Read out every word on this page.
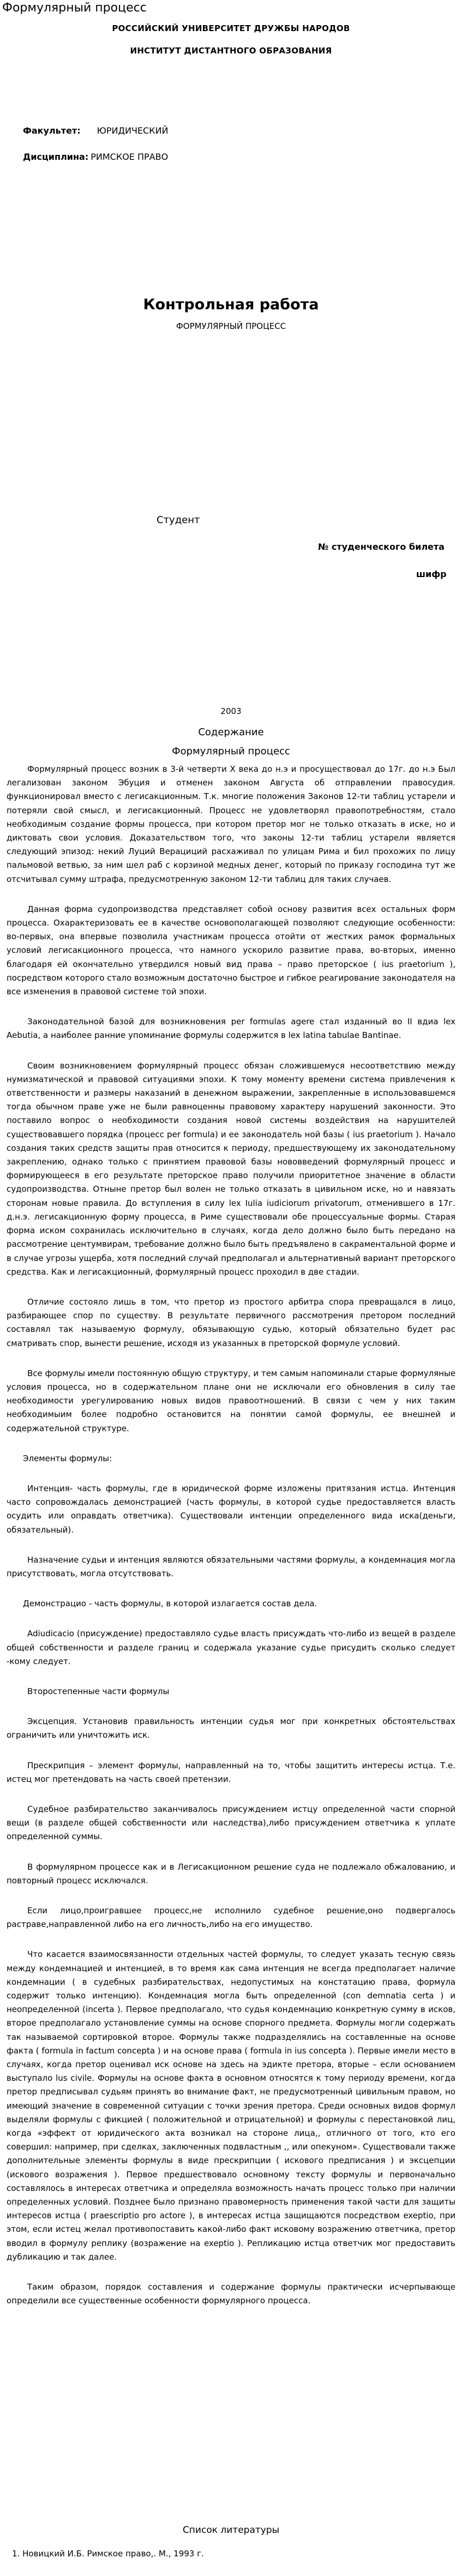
Формулярный процесс
РОССИЙСКИЙ УНИВЕРСИТЕТ ДРУЖБЫ НАРОДОВ
ИНСТИТУТ ДИСТАНТНОГО ОБРАЗОВАНИЯ
Факультет: ЮРИДИЧЕСКИЙ
Дисциплина: РИМСКОЕ ПРАВО
Контрольная работа
ФОРМУЛЯРНЫЙ ПРОЦЕСС
Студент
№ студенческого билета
шифр
2003
Содержание
Формулярный процесс

Формулярный процесс возник в 3-й четверти Х века до н.э и просуществовал до 17г. до н.э Был легализован законом Эбуция и отменен законом Августа об отправлении правосудия. функционировал вместо с легисакционным. Т.к. многие положения Законов 12-ти таблиц устарели и потеряли свой смысл, и легисакционный. Процесс не удовлетворял правопотребностям, стало необходимым создание формы процесса, при котором претор мог не только отказать в иске, но и диктовать свои условия. Доказательством того, что законы 12-ти таблиц устарели является следующий эпизод: некий Луций Верациций расхаживал по улицам Рима и бил прохожих по лицу пальмовой ветвью, за ним шел раб с корзиной медных денег, который по приказу господина тут же отсчитывал сумму штрафа, предусмотренную законом 12-ти таблиц для таких случаев.

Данная форма судопроизводства представляет собой основу развития всех остальных форм процесса. Охарактеризовать ее в качестве основополагающей позволяют следующие особенности: во-первых, она впервые позволила участникам процесса отойти от жестких рамок формальных условий легисакционного процесса, что намного ускорило развитие права, во-вторых, именно благодаря ей окончательно утвердился новый вид права – право преторское ( ius praetorium ), посредством которого стало возможным достаточно быстрое и гибкое реагирование законодателя на все изменения в правовой системе той эпохи.

Законодательной базой для возникновения per formulas agere стал изданный во II вдиа lex Aebutia, а наиболее ранние упоминание формулы содержится в lex latina tabulae Bantinae.

Своим возникновением формулярный процесс обязан сложившемуся несоответствию между нумизматической и правовой ситуациями эпохи. К тому моменту времени система привлечения к ответственности и размеры наказаний в денежном выражении, закрепленные в использовавшемся тогда обычном праве уже не были равноценны правовому характеру нарушений законности. Это поставило вопрос о необходимости создания новой системы воздействия на нарушителей существовавшего порядка (процесс per formula) и ее законодатель ной базы ( ius praetorium ). Начало создания таких средств защиты прав относится к периоду, предшествующему их законодательному закреплению, однако только с принятием правовой базы нововведений формулярный процесс и формирующееся в его результате преторское право получили приоритетное значение в области судопроизводства. Отныне претор был волен не только отказать в цивильном иске, но и навязать сторонам новые правила. До вступления в силу lex Iulia iudiciorum privatorum, отменившего в 17г. д.н.э. легисакционную форму процесса, в Риме существовали обе процессуальные формы. Старая форма иском сохранилась исключительно в случаях, когда дело должно было быть передано на рассмотрение центумвирам, требование должно было быть предъявлено в сакраментальной форме и в случае угрозы ущерба, хотя последний случай предполагал и альтернативный вариант преторского средства. Как и легисакционный, формулярный процесс проходил в две стадии.

Отличие состояло лишь в том, что претор из простого арбитра спора превращался в лицо, разбирающее спор по существу. В результате первичного рассмотрения претором последний составлял так называемую формулу, обязывающую судью, который обязательно будет рас сматривать спор, вынести решение, исходя из указанных в преторской формуле условий.

Все формулы имели постоянную общую структуру, и тем самым напоминали старые формуляные условия процесса, но в содержательном плане они не исключали его обновления в силу тае необходимости урегулированию новых видов правоотношений. В связи с чем у них таким необходимыим более подробно остановится на понятии самой формулы, ее внешней и содержательной структуре.

Элементы формулы:

Интенция- часть формулы, где в юридической форме изложены притязания истца. Интенция часто сопровождалась демонстрацией (часть формулы, в которой судье предоставляется власть осудить или оправдать ответчика). Существовали интенции определенного вида иска(деньги, обязательный).

Назначение судьи и интенция являются обязательными частями формулы, а кондемнация могла присутствовать, могла отсутствовать.

Демонстрацио - часть формулы, в которой излагается состав дела.

Adiudicacio (присуждение) предоставляло судье власть присуждать что-либо из вещей в разделе общей собственности и разделе границ и содержала указание судье присудить сколько следует -кому следует.

Второстепенные части формулы

Эксцепция. Установив правильность интенции судья мог при конкретных обстоятельствах ограничить или уничтожить иск.

Прескрипция – элемент формулы, направленный на то, чтобы защитить интересы истца. Т.е. истец мог претендовать на часть своей претензии.

Судебное разбирательство заканчивалось присуждением истцу определенной части спорной вещи (в разделе общей собственности или наследства),либо присуждением ответчика к уплате определенной суммы.

В формулярном процессе как и в Легисакционном решение суда не подлежало обжалованию, и повторный процесс исключался.

Если лицо,проигравшее процесс,не исполнило судебное решение,оно подвергалось растраве,направленной либо на его личность,либо на его имущество.

Что касается взаимосвязанности отдельных частей формулы, то следует указать тесную связь между кондемнацией и интенцией, в то время как сама интенция не всегда предполагает наличие кондемнации ( в судебных разбирательствах, недопустимых на констатацию права, формула содержит только интенцию). Кондемнация могла быть определенной (con demnatia certa ) и неопределенной (incerta ). Первое предполагало, что судья кондемнацию конкретную сумму в исков, второе предполагало установление суммы на основе спорного предмета. Формулы могли содержать так называемой сортировкой второе. Формулы также подразделялись на составленные на основе факта ( formula in factum concepta ) и на основе права ( formula in ius concepta ). Первые имели место в случаях, когда претор оценивал иск основе на здесь на эдикте претора, вторые – если основанием выступало lus civile. Формулы на основе факта в основном относятся к тому периоду времени, когда претор предписывал судьям принять во внимание факт, не предусмотренный цивильным правом, но имеющий значение в современной ситуации с точки зрения претора. Среди основных видов формул выделяли формулы с фикцией ( положительной и отрицательной) и формулы с перестановкой лиц, когда «эффект от юридического акта возникал на стороне лица,, отличного от того, кто его совершил: например, при сделках, заключенных подвластным ,, или опекуном». Существовали также дополнительные элементы формулы в виде прескрипции ( искового предписания ) и эксцепции (искового возражения ). Первое предшествовало основному тексту формулы и первоначально составлялось в интересах ответчика и определяла возможность начать процесс только при наличии определенных условий. Позднее было признано правомерность применения такой части для защиты интересов истца ( praescriptio pro actore ), в интересах истца защищаются посредством exeptio, при этом, если истец желал противопоставить какой-либо факт исковому возражению ответчика, претор вводил в формулу реплику (возражение на exeptio ). Репликацию истца ответчик мог предоставить дубликацию и так далее.

Таким образом, порядок составления и содержание формулы практически исчерпывающе определили все существенные особенности формулярного процесса.

Список литературы
1. Новицкий И.Б. Римское право,. М., 1993 г.
